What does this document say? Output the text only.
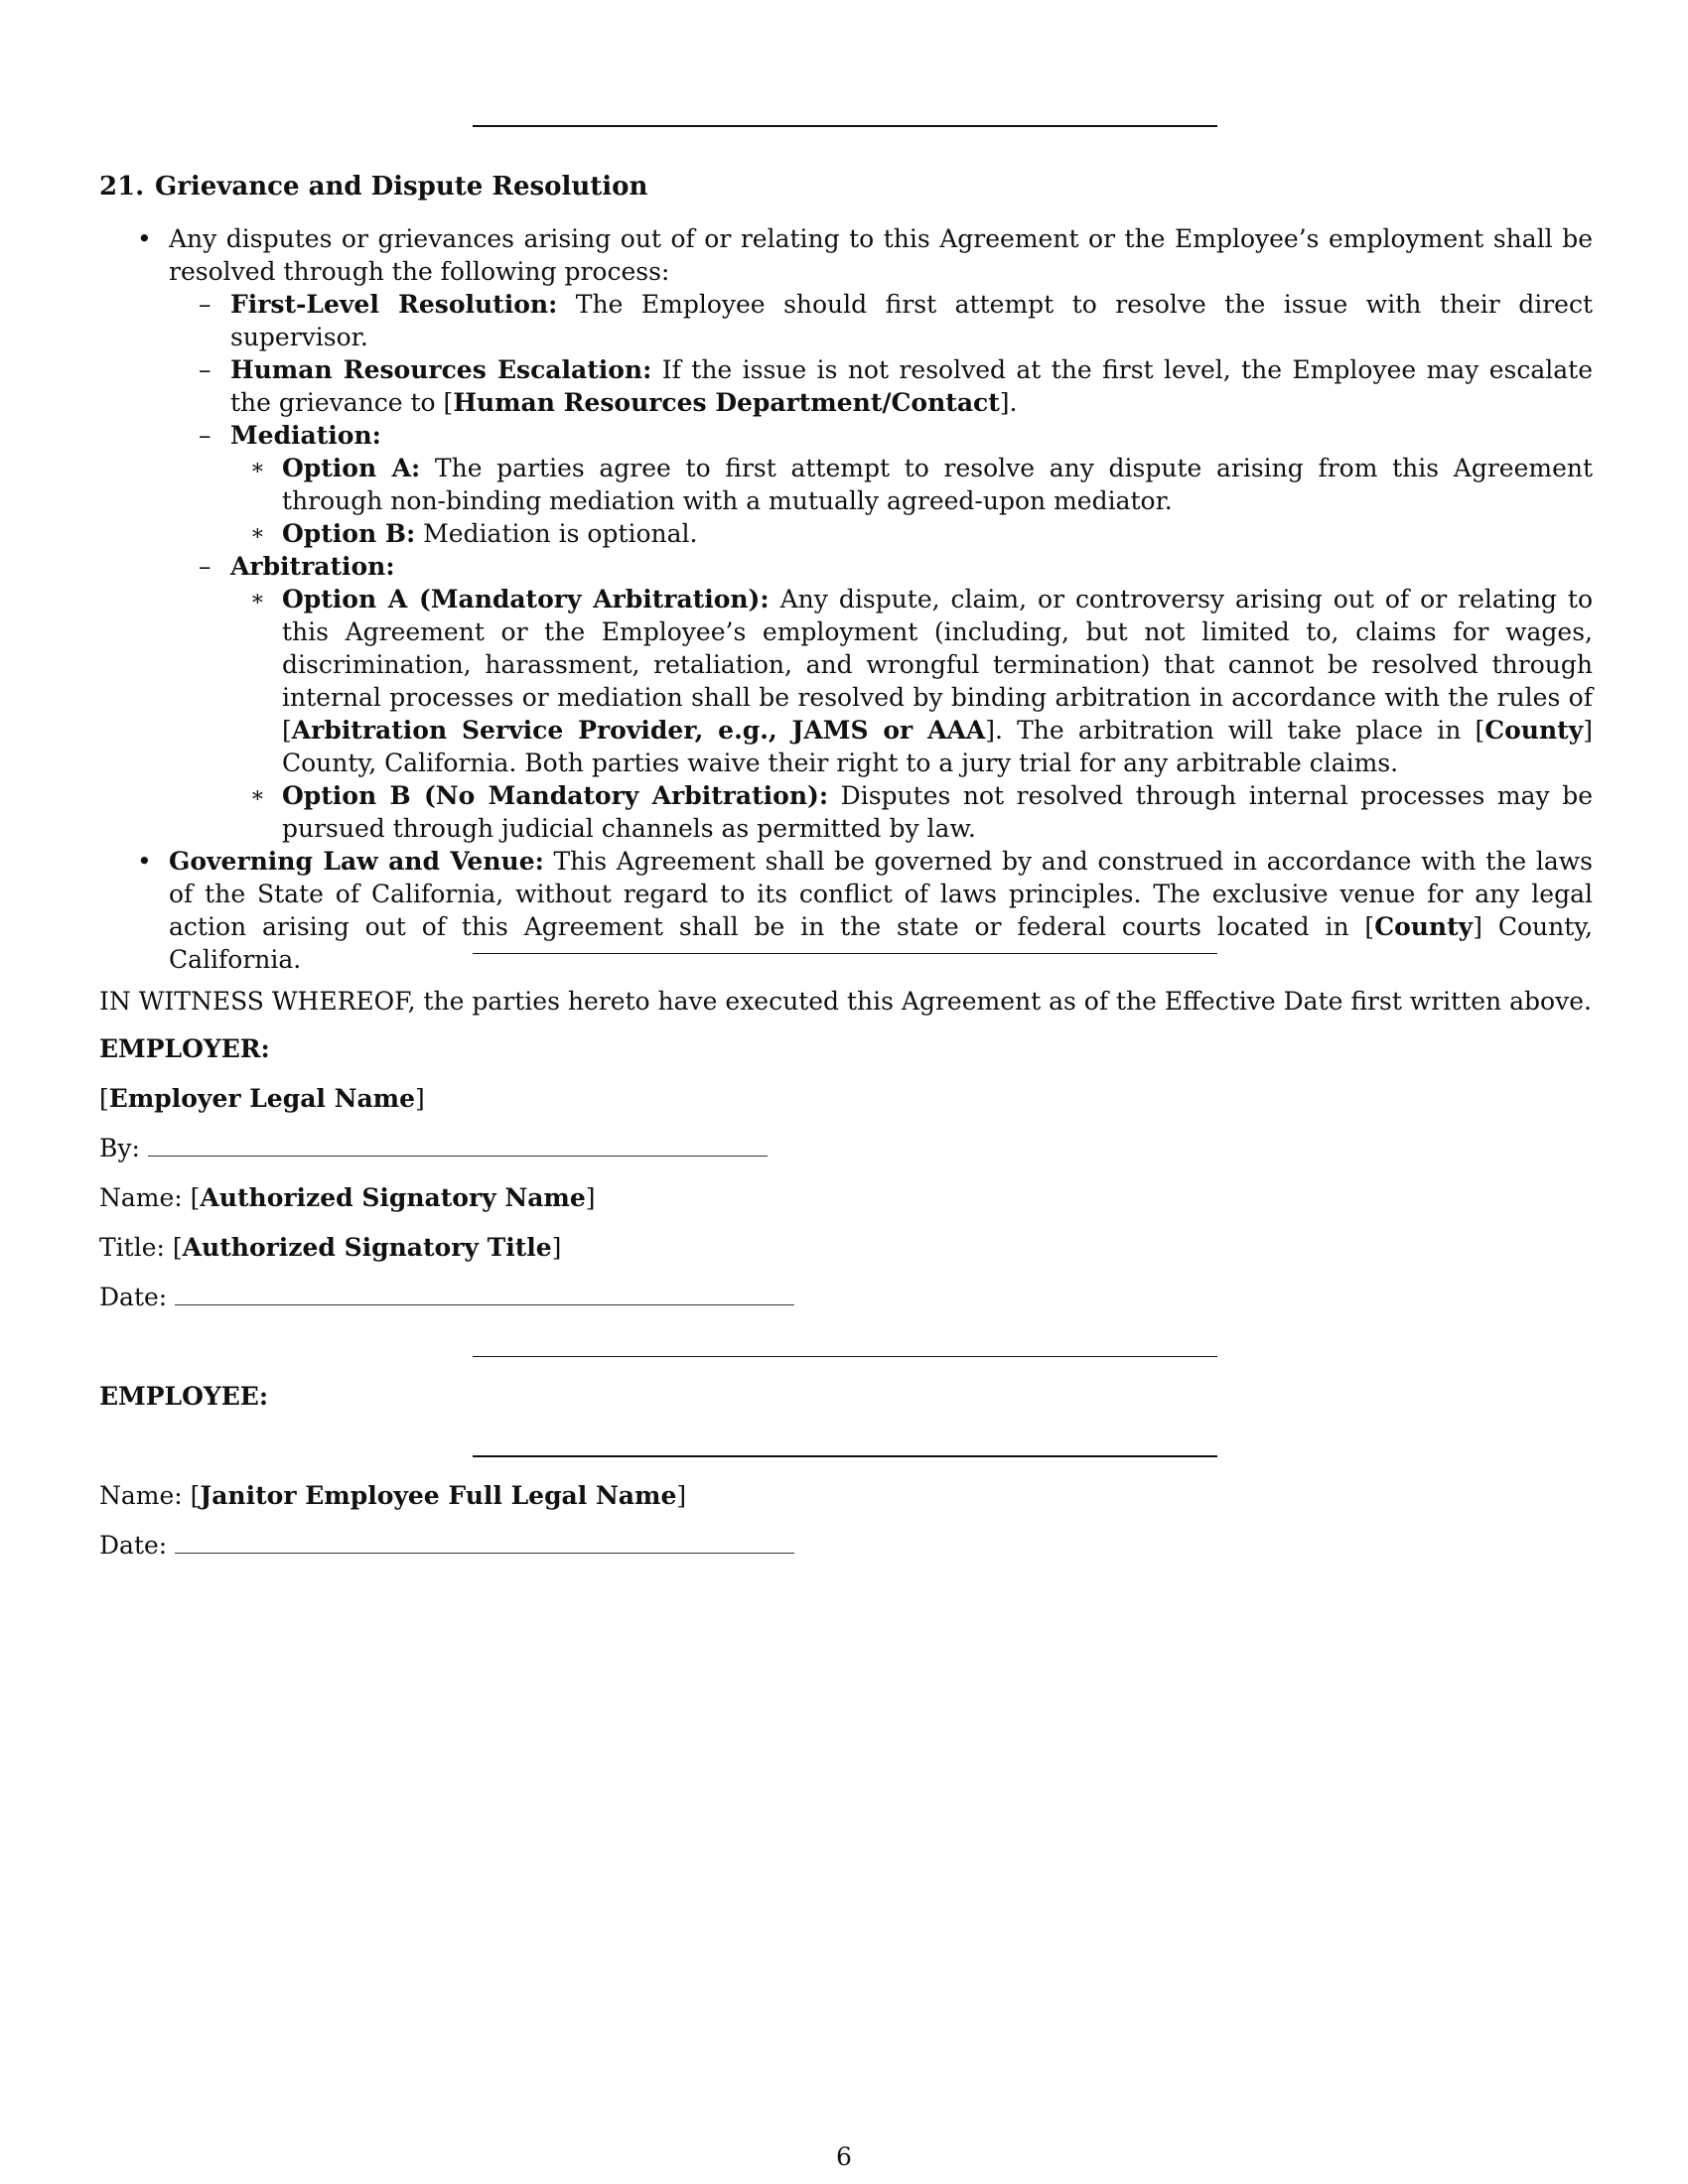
21. Grievance and Dispute Resolution
• Any disputes or grievances arising out of or relating to this Agreement or the Employee’s employment shall be resolved through the following process:
– First-Level Resolution: The Employee should first attempt to resolve the issue with their direct supervisor.
– Human Resources Escalation: If the issue is not resolved at the first level, the Employee may escalate the grievance to [Human Resources Department/Contact].
– Mediation:
∗ Option A: The parties agree to first attempt to resolve any dispute arising from this Agreement through non-binding mediation with a mutually agreed-upon mediator.
∗ Option B: Mediation is optional.
– Arbitration:
∗ Option A (Mandatory Arbitration): Any dispute, claim, or controversy arising out of or relating to this Agreement or the Employee’s employment (including, but not limited to, claims for wages, discrimination, harassment, retaliation, and wrongful termination) that cannot be resolved through internal processes or mediation shall be resolved by binding arbitration in accordance with the rules of [Arbitration Service Provider, e.g., JAMS or AAA]. The arbitration will take place in [County] County, California. Both parties waive their right to a jury trial for any arbitrable claims.
∗ Option B (No Mandatory Arbitration): Disputes not resolved through internal processes may be pursued through judicial channels as permitted by law.
• Governing Law and Venue: This Agreement shall be governed by and construed in accordance with the laws of the State of California, without regard to its conflict of laws principles. The exclusive venue for any legal action arising out of this Agreement shall be in the state or federal courts located in [County] County, California.
IN WITNESS WHEREOF, the parties hereto have executed this Agreement as of the Effective Date first written above.
EMPLOYER:
[Employer Legal Name]
By:
Name: [Authorized Signatory Name]
Title: [Authorized Signatory Title]
Date:
EMPLOYEE:
Name: [Janitor Employee Full Legal Name]
Date:
6
